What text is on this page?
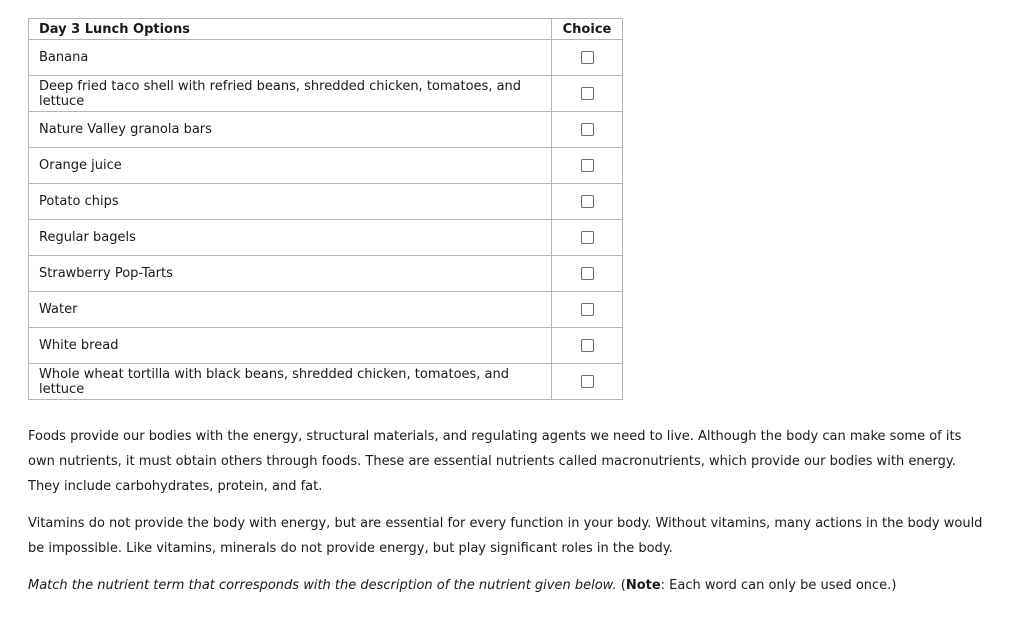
Day 3 Lunch Options	Choice
Banana	
Deep fried taco shell with refried beans, shredded chicken, tomatoes, and lettuce	
Nature Valley granola bars	
Orange juice	
Potato chips	
Regular bagels	
Strawberry Pop-Tarts	
Water	
White bread	
Whole wheat tortilla with black beans, shredded chicken, tomatoes, and lettuce	

Foods provide our bodies with the energy, structural materials, and regulating agents we need to live. Although the body can make some of its own nutrients, it must obtain others through foods. These are essential nutrients called macronutrients, which provide our bodies with energy. They include carbohydrates, protein, and fat.

Vitamins do not provide the body with energy, but are essential for every function in your body. Without vitamins, many actions in the body would be impossible. Like vitamins, minerals do not provide energy, but play significant roles in the body.

Match the nutrient term that corresponds with the description of the nutrient given below. (Note: Each word can only be used once.)
